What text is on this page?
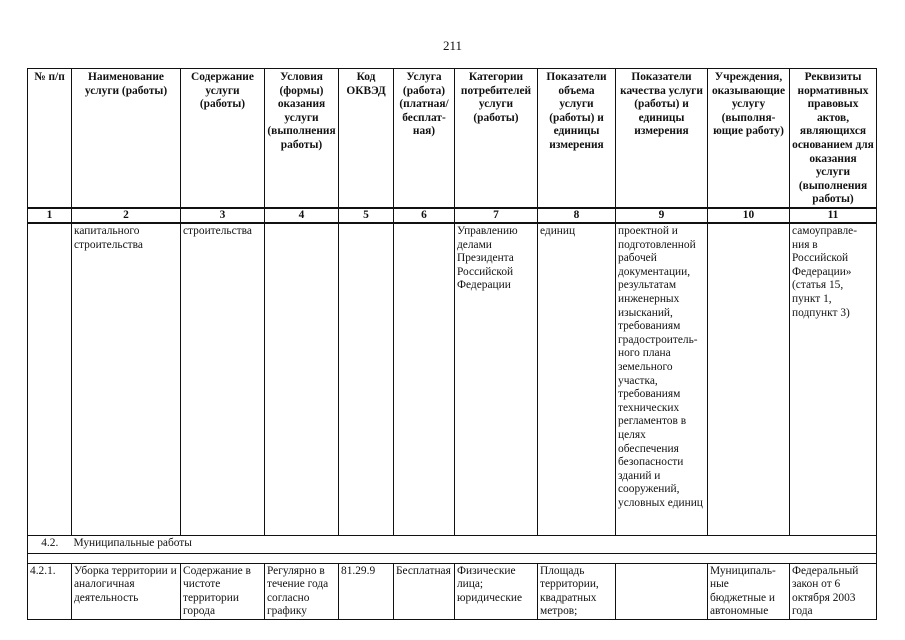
211
№ п/п	Наименование услуги (работы)	Содержание услуги (работы)	Условия (формы) оказания услуги (выполнения работы)	Код ОКВЭД	Услуга (работа) (платная/ бесплат- ная)	Категории потребителей услуги (работы)	Показатели объема услуги (работы) и единицы измерения	Показатели качества услуги (работы) и единицы измерения	Учреждения, оказывающие услугу (выполня- ющие работу)	Реквизиты нормативных правовых актов, являющихся основанием для оказания услуги (выполнения работы)
1	2	3	4	5	6	7	8	9	10	11
	капитального строительства	строительства				Управлению делами Президента Российской Федерации	единиц	проектной и подготовленной рабочей документации, результатам инженерных изысканий, требованиям градостроитель- ного плана земельного участка, требованиям технических регламентов в целях обеспечения безопасности зданий и сооружений, условных единиц		самоуправле- ния в Российской Федерации» (статья 15, пункт 1, подпункт 3)
4.2.	Муниципальные работы									

4.2.1.	Уборка территории и аналогичная деятельность	Содержание в чистоте территории города	Регулярно в течение года согласно графику	81.29.9	Бесплатная	Физические лица; юридические	Площадь территории, квадратных метров;		Муниципаль- ные бюджетные и автономные	Федеральный закон от 6 октября 2003 года
